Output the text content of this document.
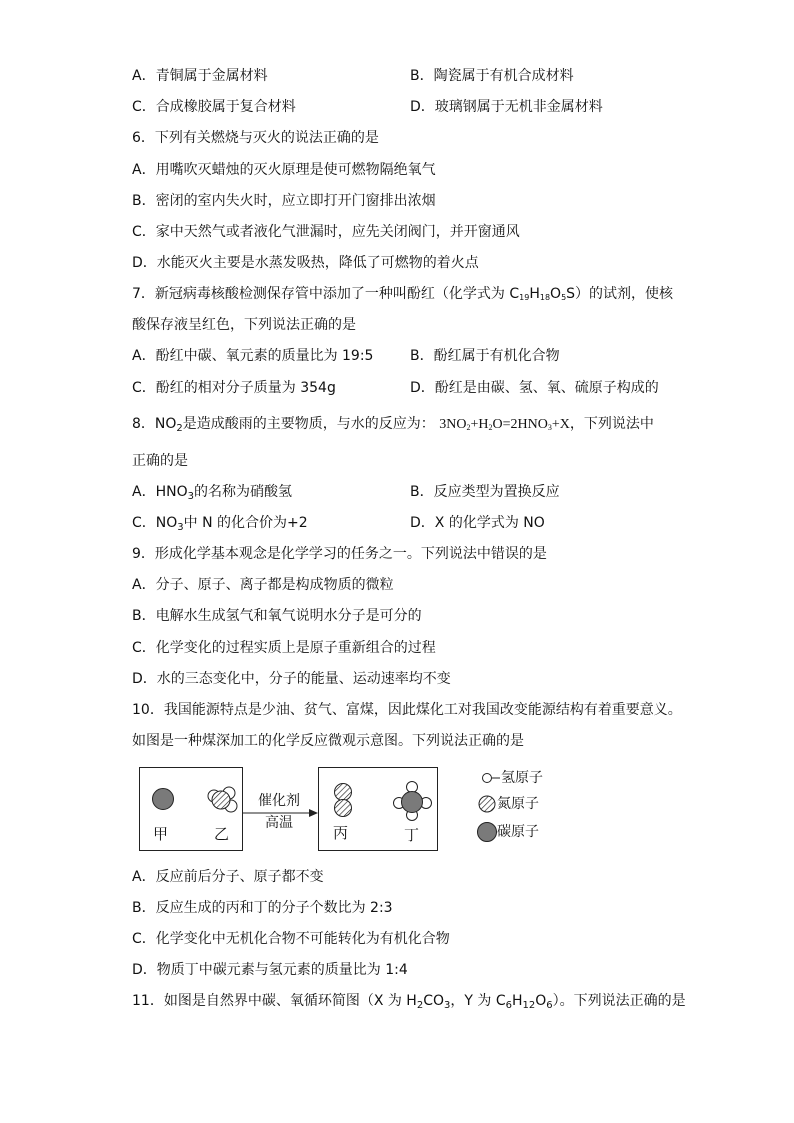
A．青铜属于金属材料	B．陶瓷属于有机合成材料
C．合成橡胶属于复合材料	D．玻璃钢属于无机非金属材料
6．下列有关燃烧与灭火的说法正确的是
A．用嘴吹灭蜡烛的灭火原理是使可燃物隔绝氧气
B．密闭的室内失火时，应立即打开门窗排出浓烟
C．家中天然气或者液化气泄漏时，应先关闭阀门，并开窗通风
D．水能灭火主要是水蒸发吸热，降低了可燃物的着火点
7．新冠病毒核酸检测保存管中添加了一种叫酚红（化学式为 C19H18O5S）的试剂，使核
酸保存液呈红色，下列说法正确的是
A．酚红中碳、氧元素的质量比为 19:5	B．酚红属于有机化合物
C．酚红的相对分子质量为 354g	D．酚红是由碳、氢、氧、硫原子构成的
8．$NO_2$是造成酸雨的主要物质，与水的反应为： 3NO2+H2O=2HNO3+X，下列说法中
正确的是
A．$HNO_3$的名称为硝酸氢	B．反应类型为置换反应
C．$NO_3$中 N 的化合价为+2	D．X 的化学式为 NO
9．形成化学基本观念是化学学习的任务之一。下列说法中错误的是
A．分子、原子、离子都是构成物质的微粒
B．电解水生成氢气和氧气说明水分子是可分的
C．化学变化的过程实质上是原子重新组合的过程
D．水的三态变化中，分子的能量、运动速率均不变
10．我国能源特点是少油、贫气、富煤，因此煤化工对我国改变能源结构有着重要意义。
如图是一种煤深加工的化学反应微观示意图。下列说法正确的是
甲	乙	丙	丁
催化剂
高温
氢原子
氮原子
碳原子
A．反应前后分子、原子都不变
B．反应生成的丙和丁的分子个数比为 2:3
C．化学变化中无机化合物不可能转化为有机化合物
D．物质丁中碳元素与氢元素的质量比为 1:4
11．如图是自然界中碳、氧循环简图（X 为 $H_2CO_3$，Y 为 $C_6H_{12}O_6$）。下列说法正确的是
